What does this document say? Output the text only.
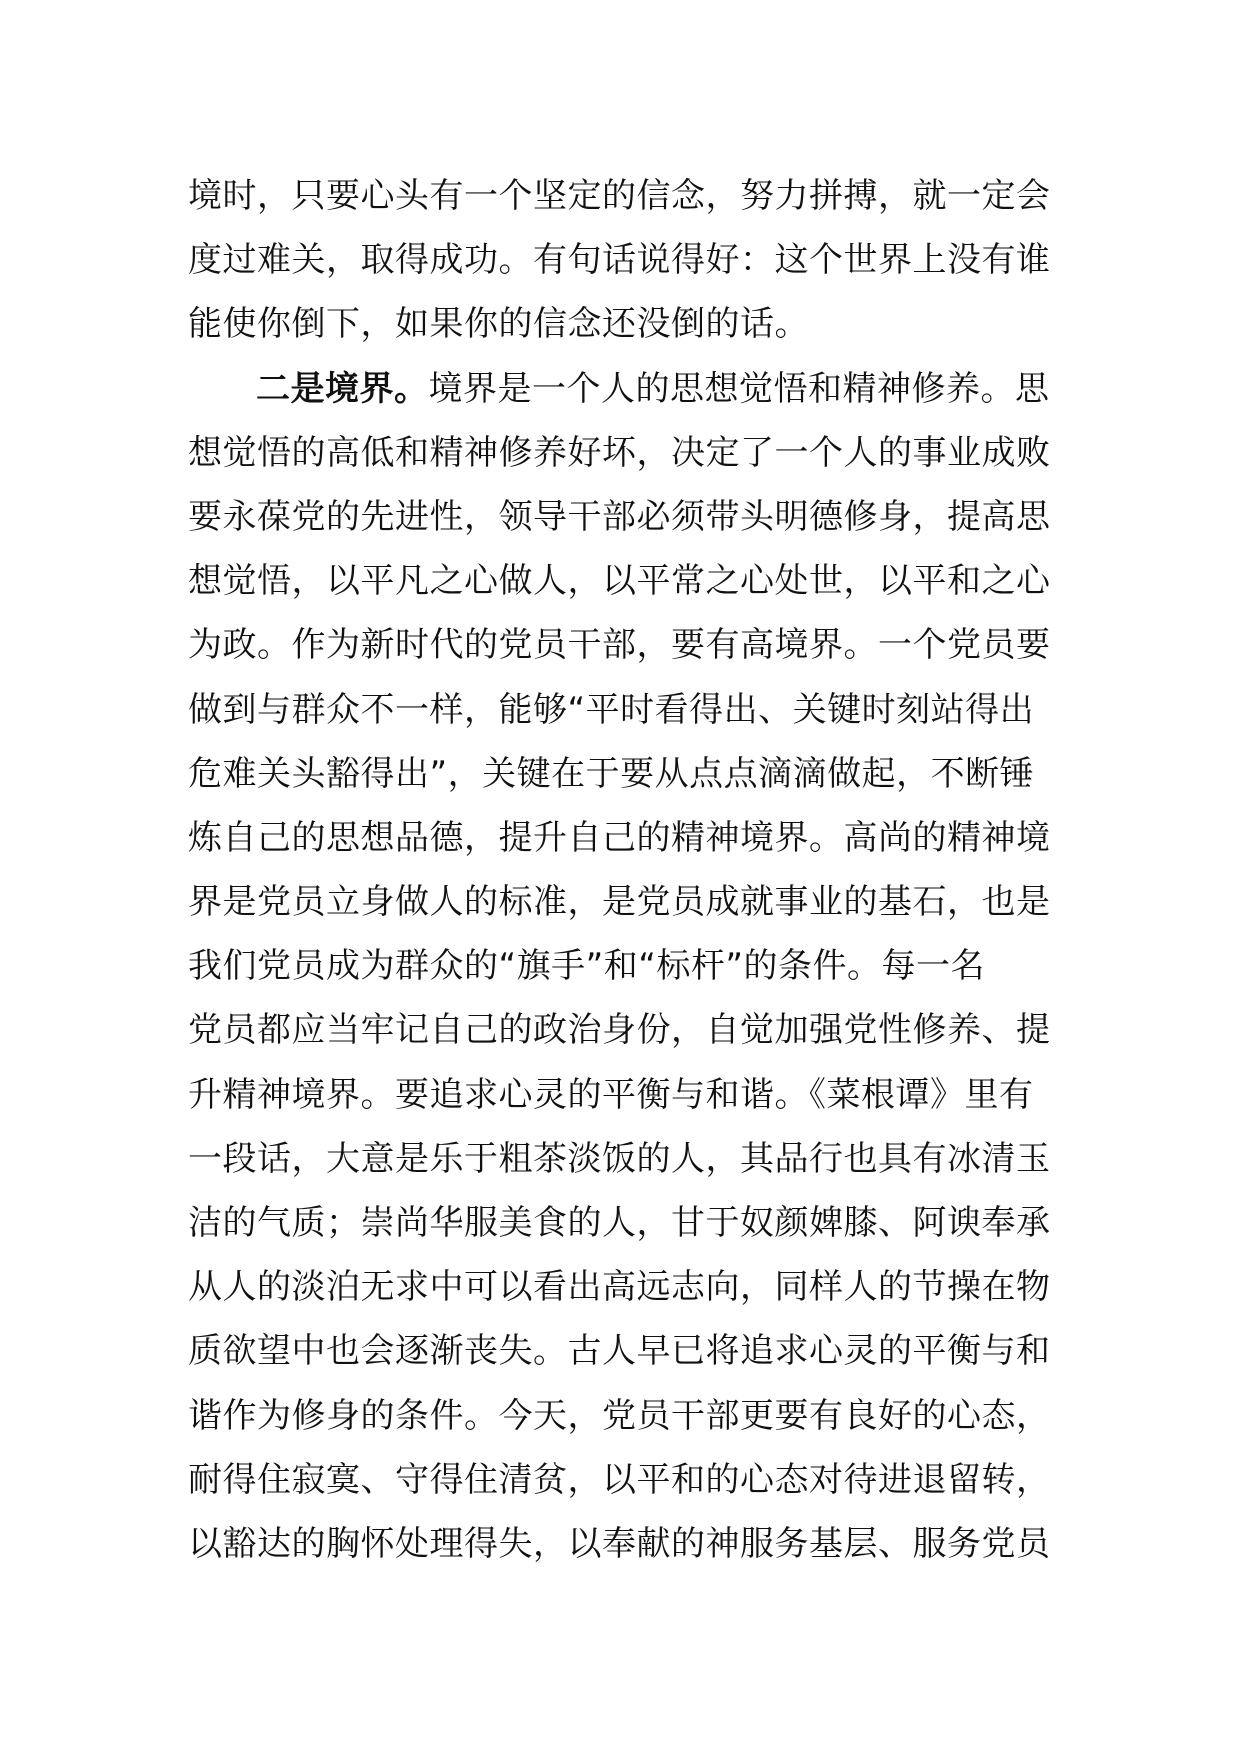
境时，只要心头有一个坚定的信念，努力拼搏，就一定会
度过难关，取得成功。有句话说得好：这个世界上没有谁
能使你倒下，如果你的信念还没倒的话。
二是境界。境界是一个人的思想觉悟和精神修养。思
想觉悟的高低和精神修养好坏，决定了一个人的事业成败
要永葆党的先进性，领导干部必须带头明德修身，提高思
想觉悟，以平凡之心做人，以平常之心处世，以平和之心
为政。作为新时代的党员干部，要有高境界。一个党员要
做到与群众不一样，能够“平时看得出、关键时刻站得出
危难关头豁得出”，关键在于要从点点滴滴做起，不断锤
炼自己的思想品德，提升自己的精神境界。高尚的精神境
界是党员立身做人的标准，是党员成就事业的基石，也是
我们党员成为群众的“旗手”和“标杆”的条件。每一名
党员都应当牢记自己的政治身份，自觉加强党性修养、提
升精神境界。要追求心灵的平衡与和谐。《菜根谭》里有
一段话，大意是乐于粗茶淡饭的人，其品行也具有冰清玉
洁的气质；崇尚华服美食的人，甘于奴颜婢膝、阿谀奉承
从人的淡泊无求中可以看出高远志向，同样人的节操在物
质欲望中也会逐渐丧失。古人早已将追求心灵的平衡与和
谐作为修身的条件。今天，党员干部更要有良好的心态，
耐得住寂寞、守得住清贫，以平和的心态对待进退留转，
以豁达的胸怀处理得失，以奉献的神服务基层、服务党员
